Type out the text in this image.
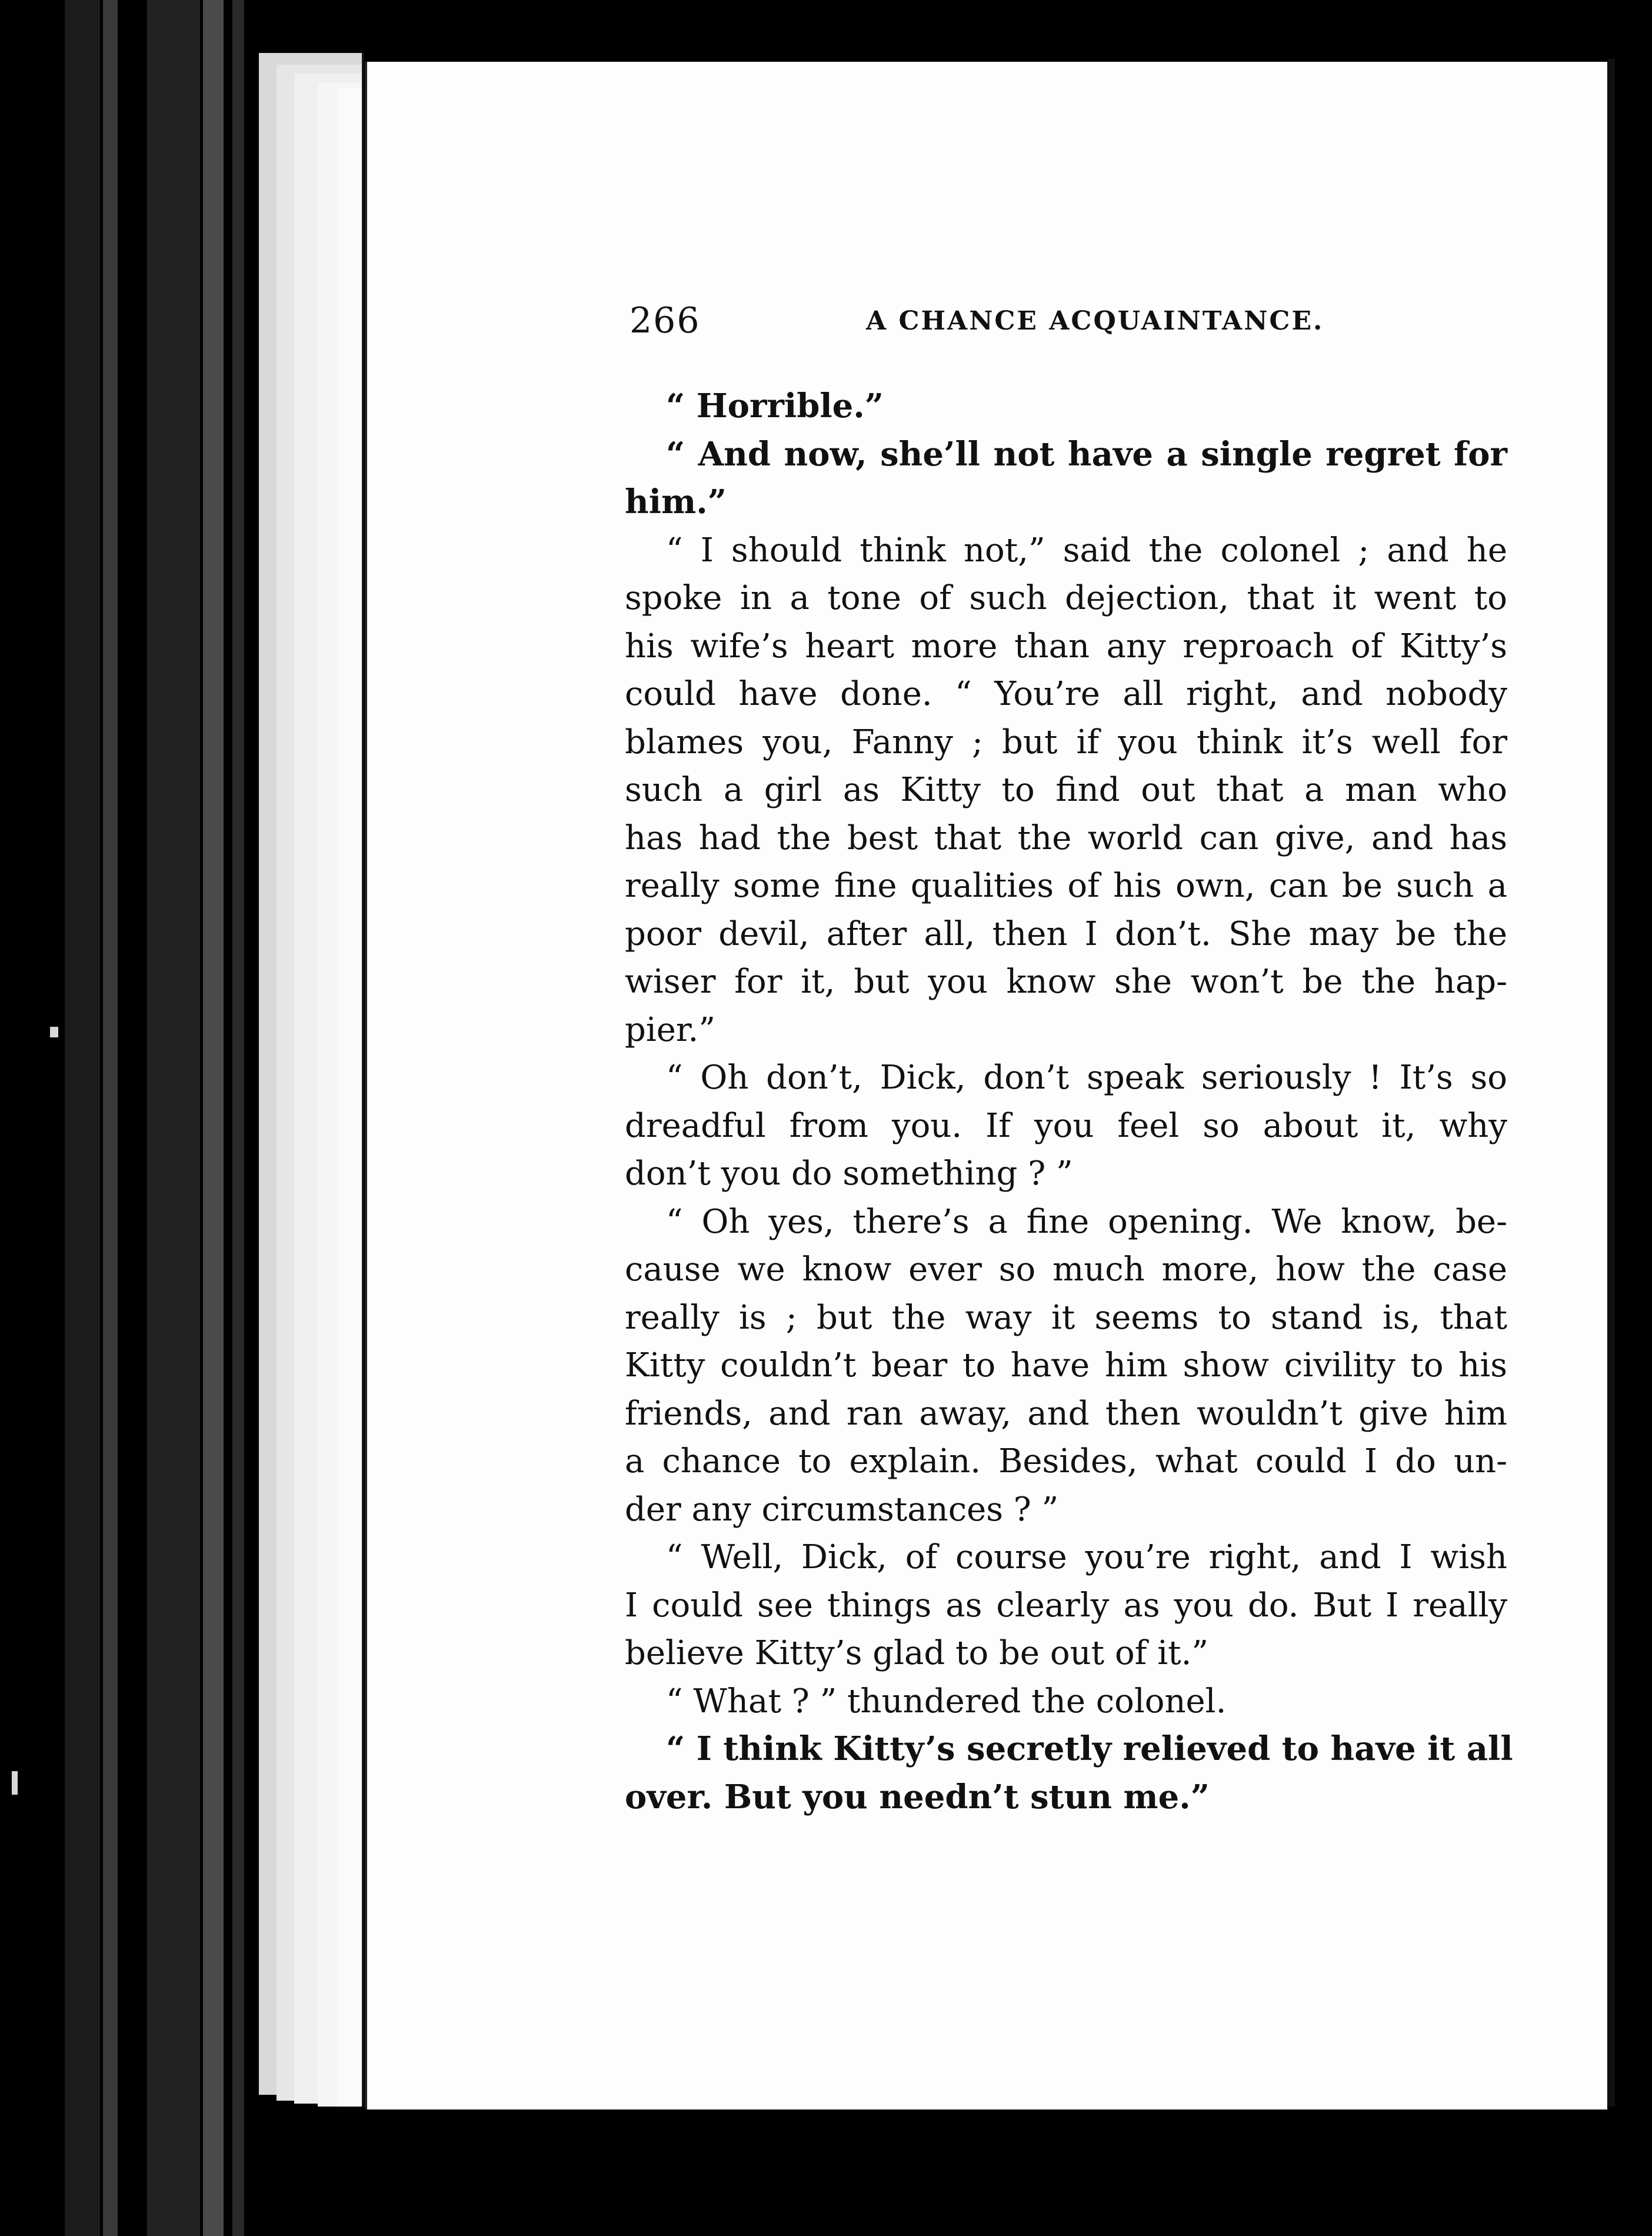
266	A CHANCE ACQUAINTANCE.
“ Horrible.”
“ And now, she’ll not have a single regret for
him.”
“ I should think not,” said the colonel ; and he
spoke in a tone of such dejection, that it went to
his wife’s heart more than any reproach of Kitty’s
could have done. “ You’re all right, and nobody
blames you, Fanny ; but if you think it’s well for
such a girl as Kitty to find out that a man who
has had the best that the world can give, and has
really some fine qualities of his own, can be such a
poor devil, after all, then I don’t. She may be the
wiser for it, but you know she won’t be the hap-
pier.”
“ Oh don’t, Dick, don’t speak seriously ! It’s so
dreadful from you. If you feel so about it, why
don’t you do something ? ”
“ Oh yes, there’s a fine opening. We know, be-
cause we know ever so much more, how the case
really is ; but the way it seems to stand is, that
Kitty couldn’t bear to have him show civility to his
friends, and ran away, and then wouldn’t give him
a chance to explain. Besides, what could I do un-
der any circumstances ? ”
“ Well, Dick, of course you’re right, and I wish
I could see things as clearly as you do. But I really
believe Kitty’s glad to be out of it.”
“ What ? ” thundered the colonel.
“ I think Kitty’s secretly relieved to have it all
over. But you needn’t stun me.”
